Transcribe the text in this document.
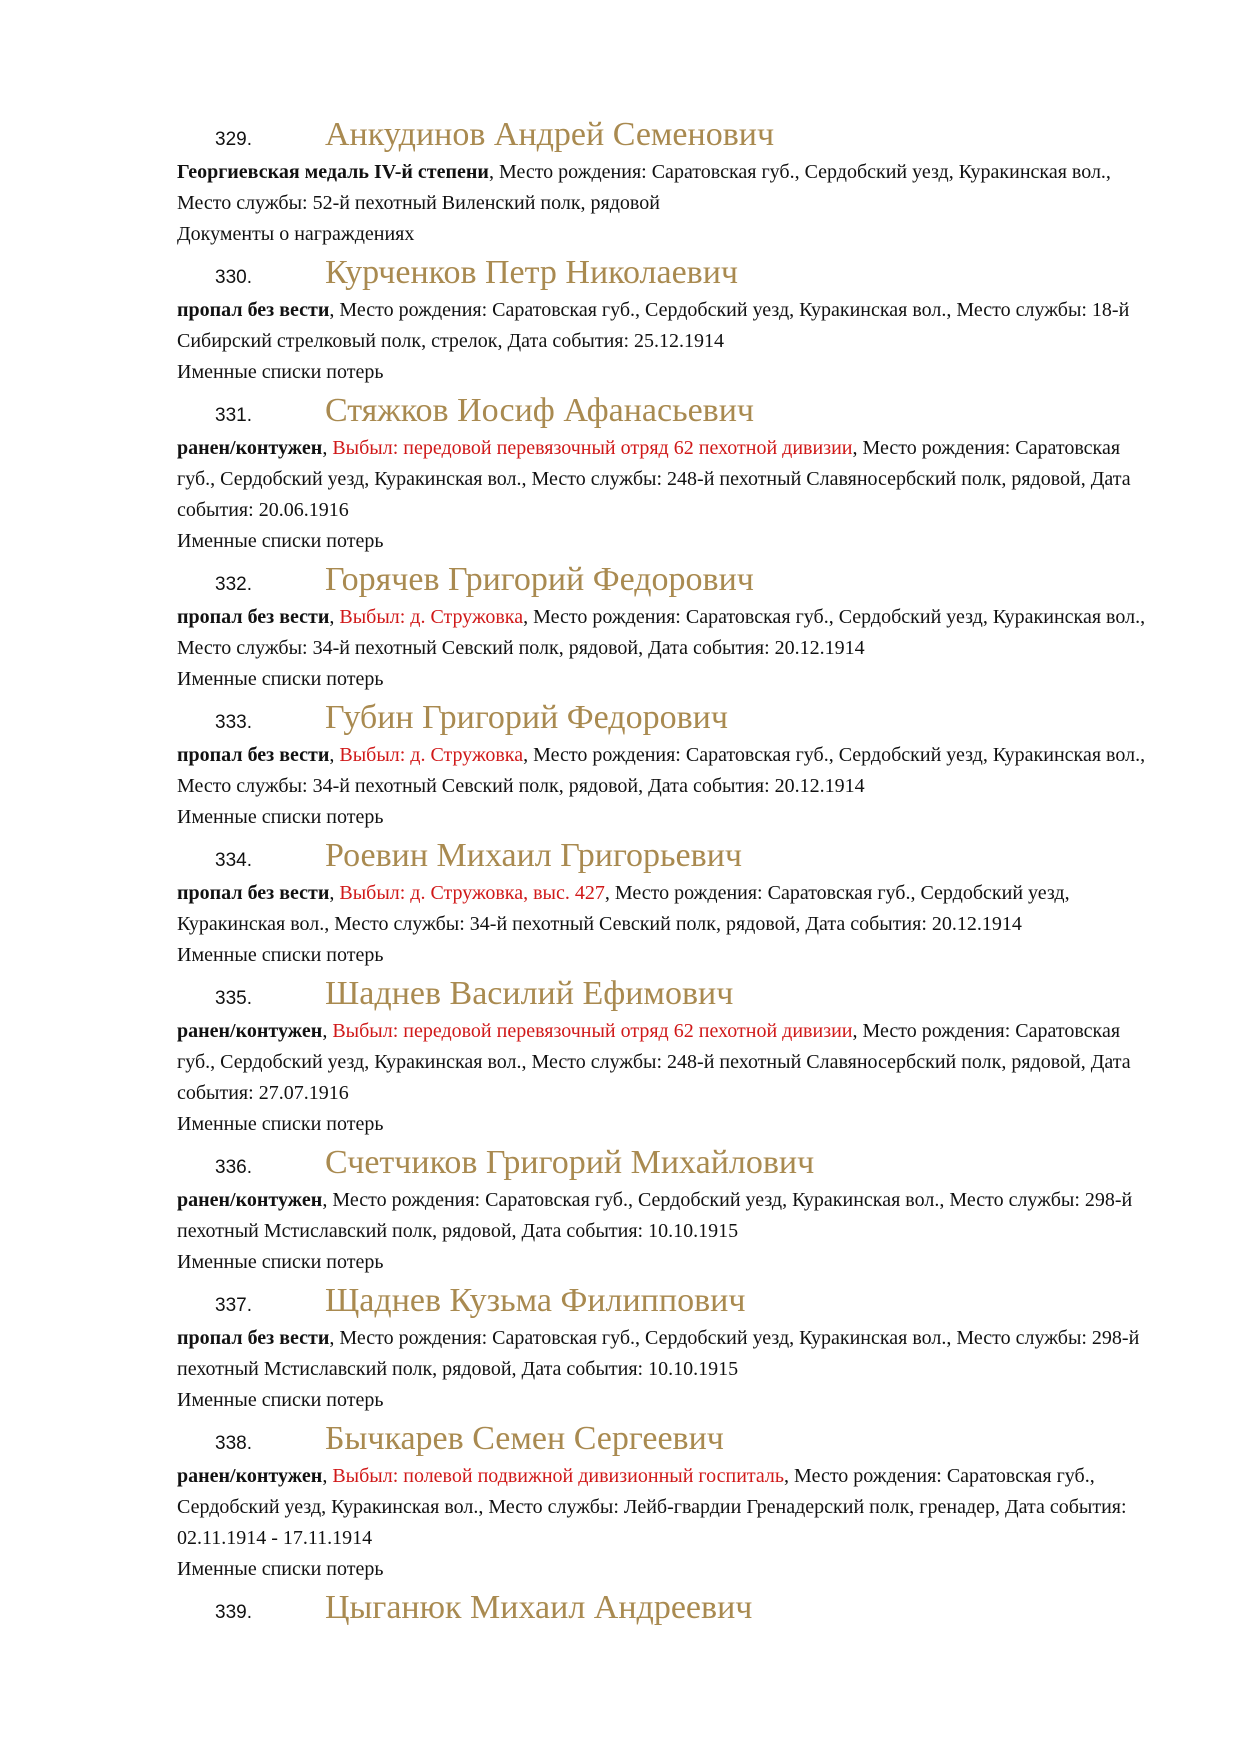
329.	Анкудинов Андрей Семенович

Георгиевская медаль IV-й степени, Место рождения: Саратовская губ., Сердобский уезд, Куракинская вол., Место службы: 52-й пехотный Виленский полк, рядовой

Документы о награждениях

330.	Курченков Петр Николаевич

пропал без вести, Место рождения: Саратовская губ., Сердобский уезд, Куракинская вол., Место службы: 18-й Сибирский стрелковый полк, стрелок, Дата события: 25.12.1914

Именные списки потерь

331.	Стяжков Иосиф Афанасьевич

ранен/контужен, Выбыл: передовой перевязочный отряд 62 пехотной дивизии, Место рождения: Саратовская губ., Сердобский уезд, Куракинская вол., Место службы: 248-й пехотный Славяносербский полк, рядовой, Дата события: 20.06.1916

Именные списки потерь

332.	Горячев Григорий Федорович

пропал без вести, Выбыл: д. Стружовка, Место рождения: Саратовская губ., Сердобский уезд, Куракинская вол., Место службы: 34-й пехотный Севский полк, рядовой, Дата события: 20.12.1914

Именные списки потерь

333.	Губин Григорий Федорович

пропал без вести, Выбыл: д. Стружовка, Место рождения: Саратовская губ., Сердобский уезд, Куракинская вол., Место службы: 34-й пехотный Севский полк, рядовой, Дата события: 20.12.1914

Именные списки потерь

334.	Роевин Михаил Григорьевич

пропал без вести, Выбыл: д. Стружовка, выс. 427, Место рождения: Саратовская губ., Сердобский уезд, Куракинская вол., Место службы: 34-й пехотный Севский полк, рядовой, Дата события: 20.12.1914

Именные списки потерь

335.	Шаднев Василий Ефимович

ранен/контужен, Выбыл: передовой перевязочный отряд 62 пехотной дивизии, Место рождения: Саратовская губ., Сердобский уезд, Куракинская вол., Место службы: 248-й пехотный Славяносербский полк, рядовой, Дата события: 27.07.1916

Именные списки потерь

336.	Счетчиков Григорий Михайлович

ранен/контужен, Место рождения: Саратовская губ., Сердобский уезд, Куракинская вол., Место службы: 298-й пехотный Мстиславский полк, рядовой, Дата события: 10.10.1915

Именные списки потерь

337.	Щаднев Кузьма Филиппович

пропал без вести, Место рождения: Саратовская губ., Сердобский уезд, Куракинская вол., Место службы: 298-й пехотный Мстиславский полк, рядовой, Дата события: 10.10.1915

Именные списки потерь

338.	Бычкарев Семен Сергеевич

ранен/контужен, Выбыл: полевой подвижной дивизионный госпиталь, Место рождения: Саратовская губ., Сердобский уезд, Куракинская вол., Место службы: Лейб-гвардии Гренадерский полк, гренадер, Дата события: 02.11.1914 - 17.11.1914

Именные списки потерь

339.	Цыганюк Михаил Андреевич
